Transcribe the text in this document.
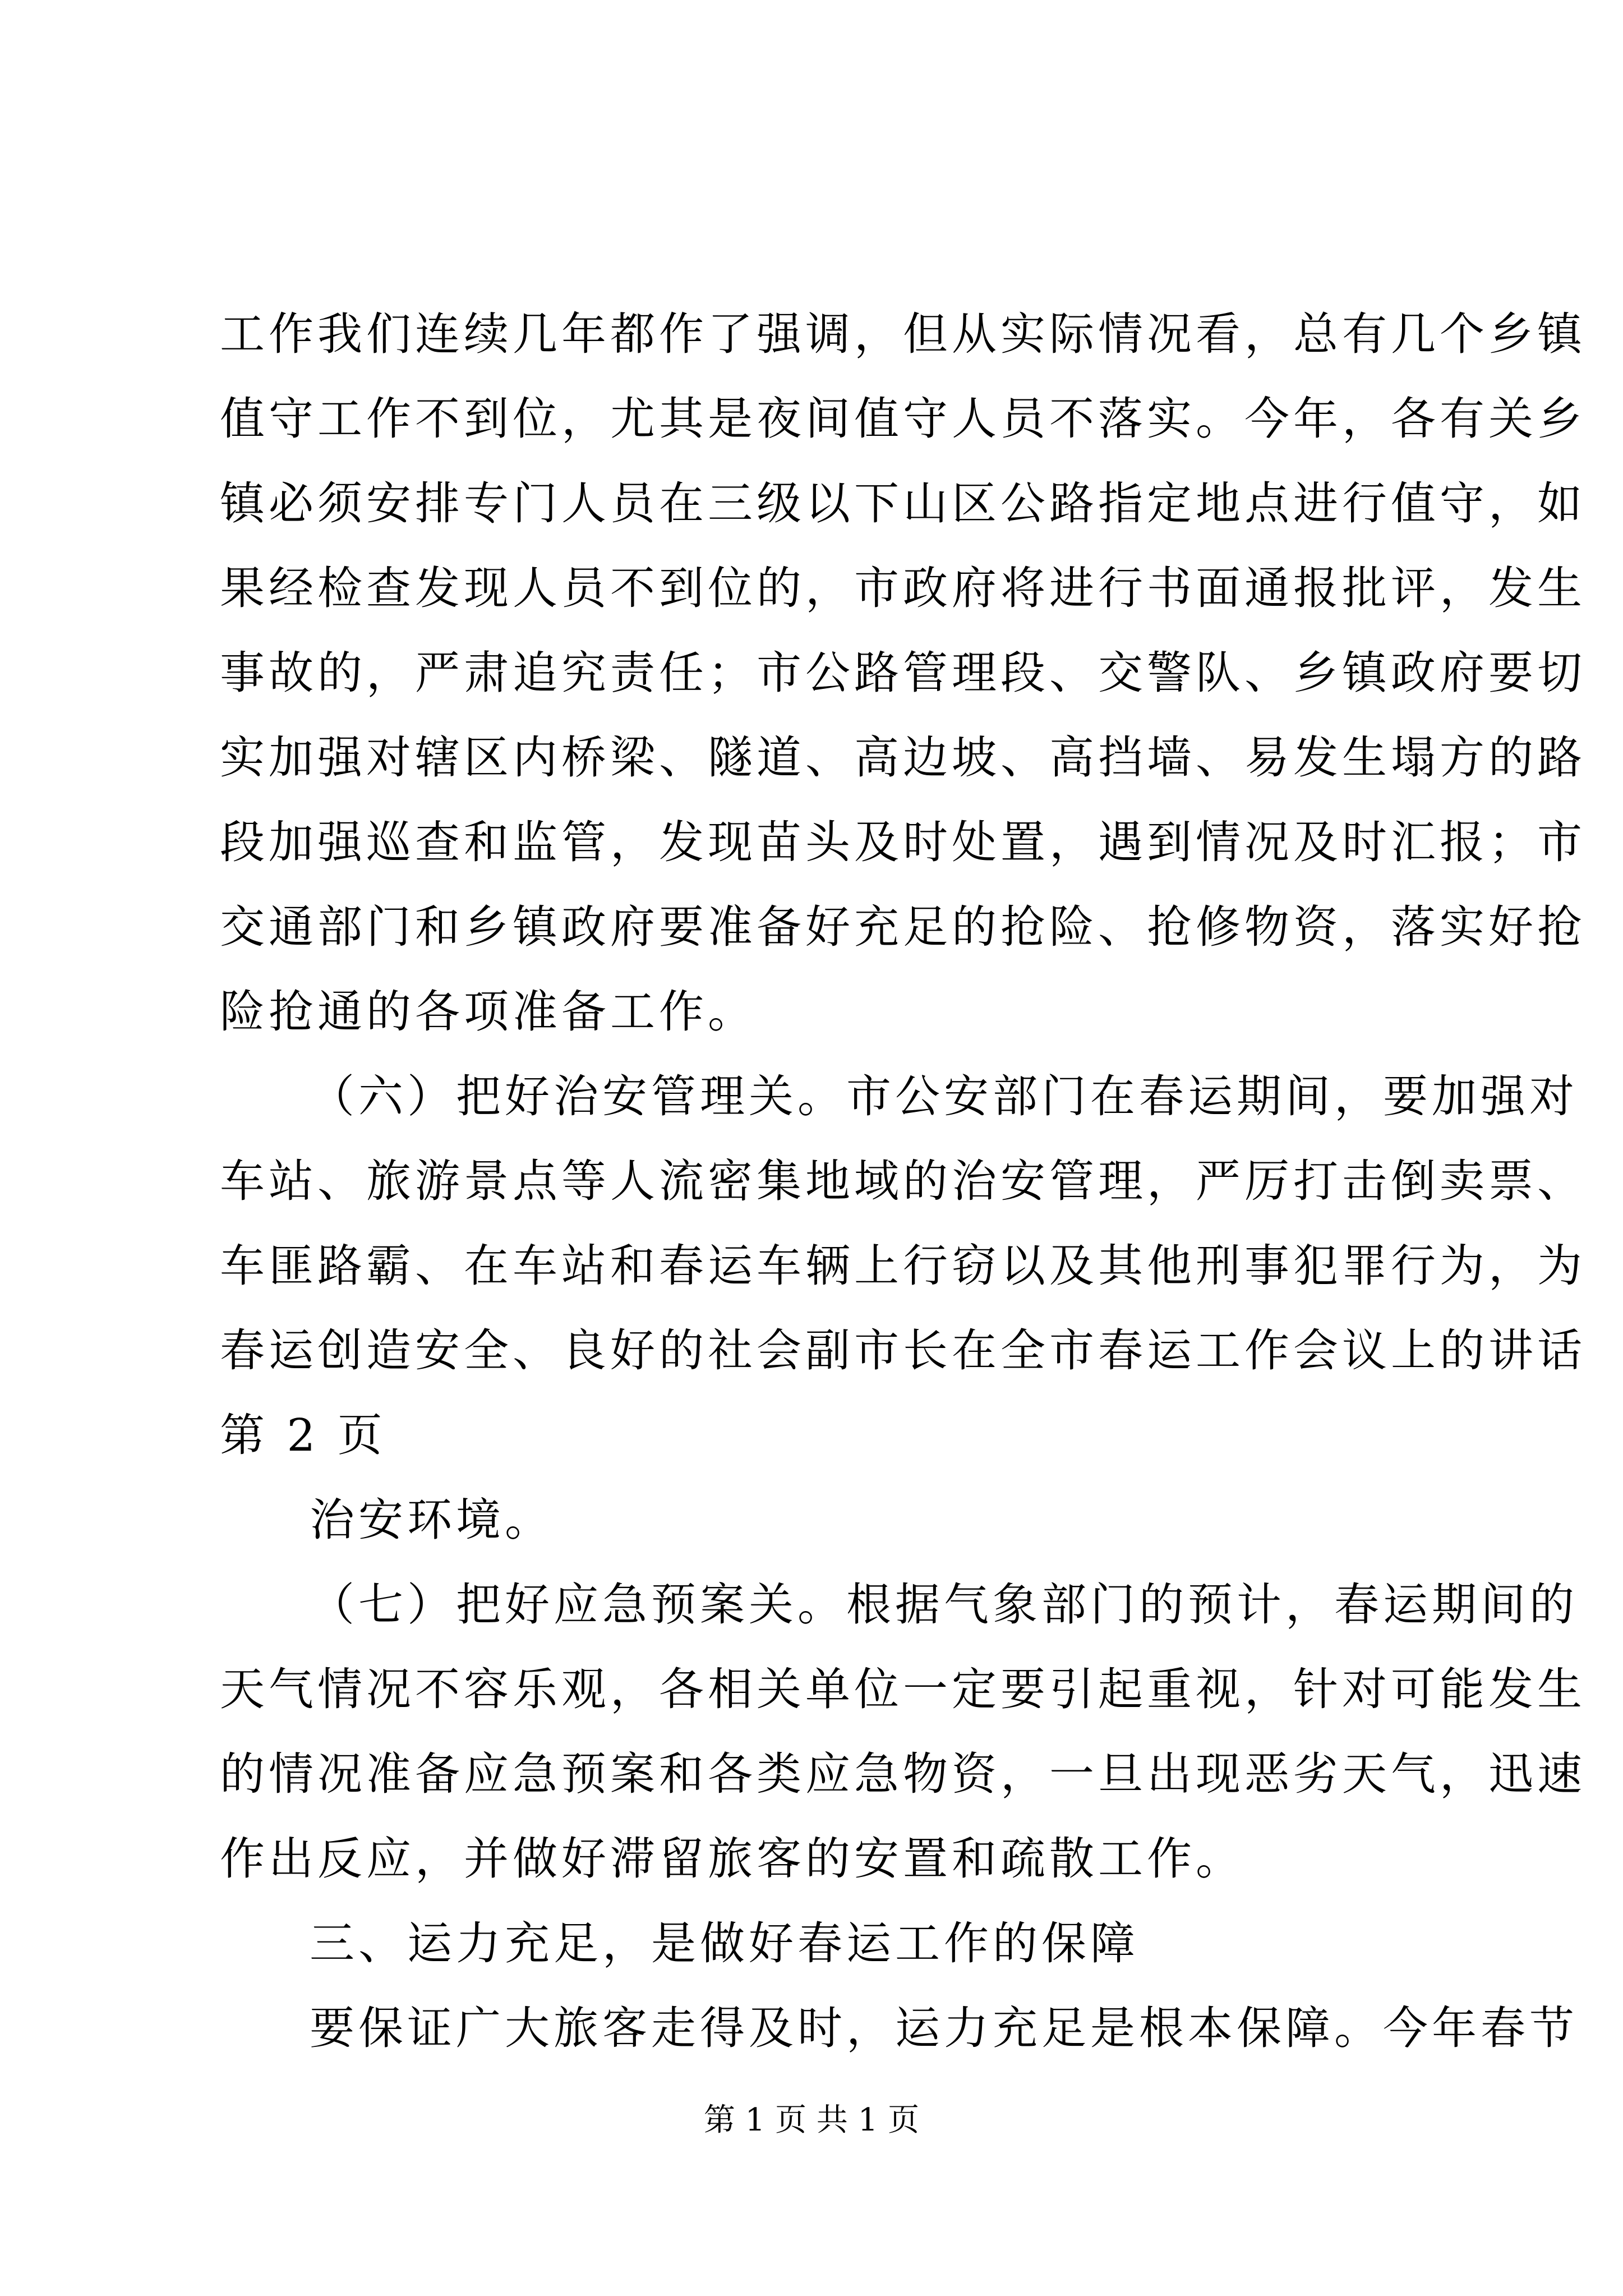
工作我们连续几年都作了强调，但从实际情况看，总有几个乡镇

值守工作不到位，尤其是夜间值守人员不落实。今年，各有关乡

镇必须安排专门人员在三级以下山区公路指定地点进行值守，如

果经检查发现人员不到位的，市政府将进行书面通报批评，发生

事故的，严肃追究责任；市公路管理段、交警队、乡镇政府要切

实加强对辖区内桥梁、隧道、高边坡、高挡墙、易发生塌方的路

段加强巡查和监管，发现苗头及时处置，遇到情况及时汇报；市

交通部门和乡镇政府要准备好充足的抢险、抢修物资，落实好抢

险抢通的各项准备工作。

（六）把好治安管理关。市公安部门在春运期间，要加强对

车站、旅游景点等人流密集地域的治安管理，严厉打击倒卖票、

车匪路霸、在车站和春运车辆上行窃以及其他刑事犯罪行为，为

春运创造安全、良好的社会副市长在全市春运工作会议上的讲话

第 2 页

治安环境。

（七）把好应急预案关。根据气象部门的预计，春运期间的

天气情况不容乐观，各相关单位一定要引起重视，针对可能发生

的情况准备应急预案和各类应急物资，一旦出现恶劣天气，迅速

作出反应，并做好滞留旅客的安置和疏散工作。

三、运力充足，是做好春运工作的保障

要保证广大旅客走得及时，运力充足是根本保障。今年春节

第 1 页 共 1 页
